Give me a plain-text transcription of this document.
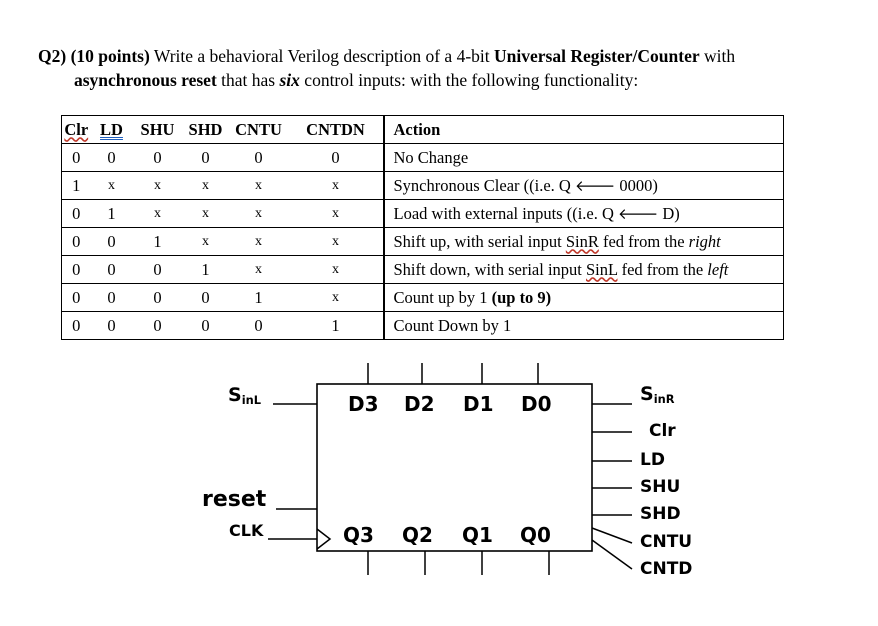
Q2) (10 points) Write a behavioral Verilog description of a 4-bit Universal Register/Counter with
asynchronous reset that has six control inputs: with the following functionality:
Clr	LD	SHU	SHD	CNTU	CNTDN	Action
0	0	0	0	0	0	No Change
1	x	x	x	x	x	Synchronous Clear ((i.e. Q 🡐 0000)
0	1	x	x	x	x	Load with external inputs ((i.e. Q 🡐 D)
0	0	1	x	x	x	Shift up, with serial input SinR fed from the right
0	0	0	1	x	x	Shift down, with serial input SinL fed from the left
0	0	0	0	1	x	Count up by 1 (up to 9)
0	0	0	0	0	1	Count Down by 1
$S_{inL}$
reset
CLK
D3 D2 D1 D0
Q3 Q2 Q1 Q0
$S_{inR}$
Clr
LD
SHU
SHD
CNTU
CNTD
